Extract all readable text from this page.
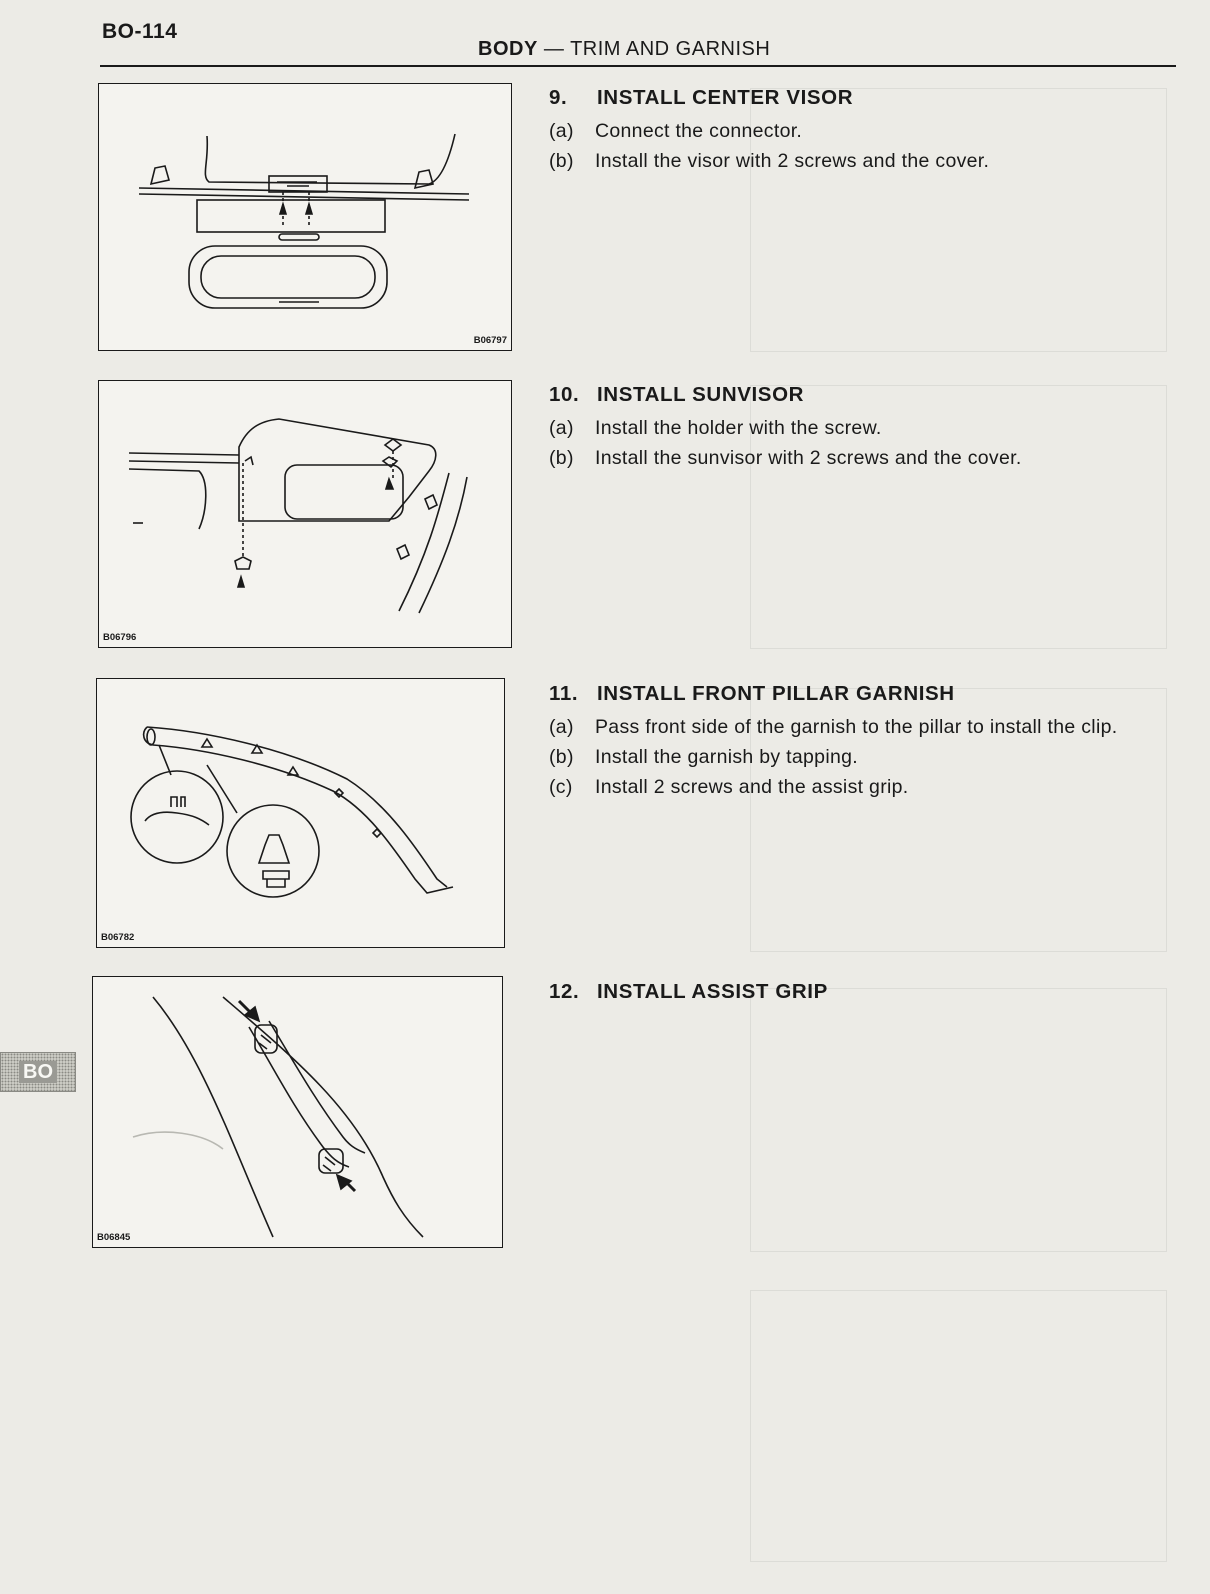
BO-114
BODY — TRIM AND GARNISH
BO
B06797
B06796
B06782
B06845
9. INSTALL CENTER VISOR
(a)	Connect the connector.
(b)	Install the visor with 2 screws and the cover.
10. INSTALL SUNVISOR
(a)	Install the holder with the screw.
(b)	Install the sunvisor with 2 screws and the cover.
11. INSTALL FRONT PILLAR GARNISH
(a)	Pass front side of the garnish to the pillar to install the clip.
(b)	Install the garnish by tapping.
(c)	Install 2 screws and the assist grip.
12. INSTALL ASSIST GRIP
